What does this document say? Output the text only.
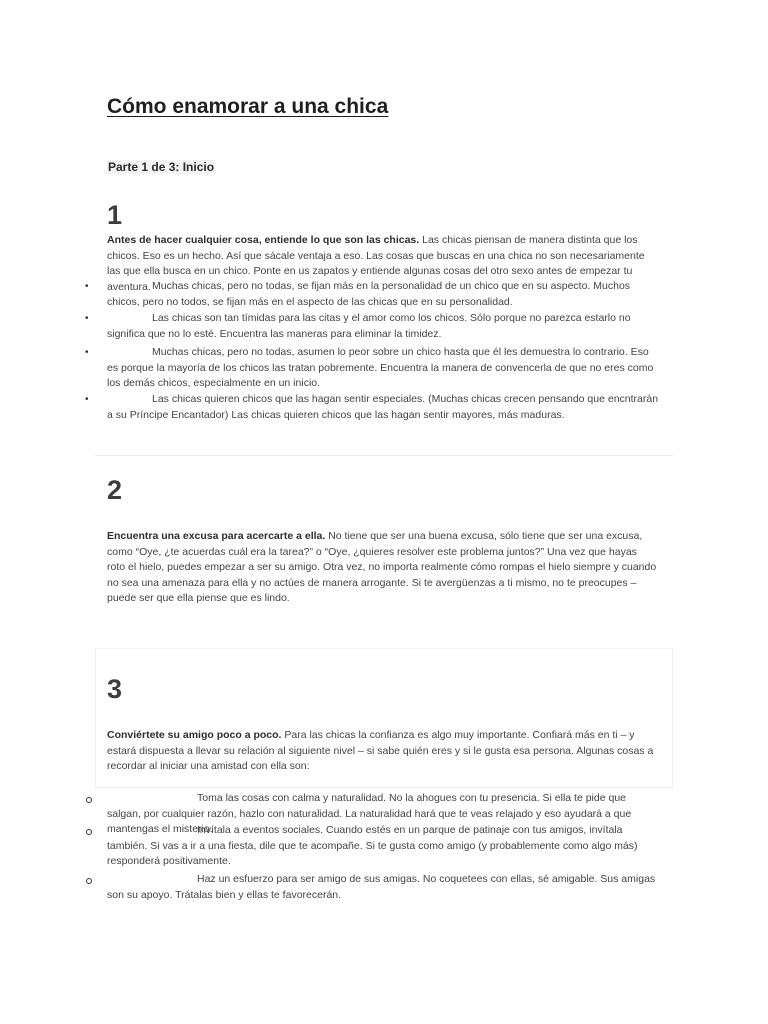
Cómo enamorar a una chica
Parte 1 de 3: Inicio
1

Antes de hacer cualquier cosa, entiende lo que son las chicas. Las chicas piensan de manera distinta que los chicos. Eso es un hecho. Así que sácale ventaja a eso. Las cosas que buscas en una chica no son necesariamente las que ella busca en un chico. Ponte en us zapatos y entiende algunas cosas del otro sexo antes de empezar tu aventura.

•	Muchas chicas, pero no todas, se fijan más en la personalidad de un chico que en su aspecto. Muchos chicos, pero no todos, se fijan más en el aspecto de las chicas que en su personalidad.

•	Las chicas son tan tímidas para las citas y el amor como los chicos. Sólo porque no parezca estarlo no significa que no lo esté. Encuentra las maneras para eliminar la timidez.

•	Muchas chicas, pero no todas, asumen lo peor sobre un chico hasta que él les demuestra lo contrario. Eso es porque la mayoría de los chicos las tratan pobremente. Encuentra la manera de convencerla de que no eres como los demás chicos, especialmente en un inicio.

•	Las chicas quieren chicos que las hagan sentir especiales. (Muchas chicas crecen pensando que encntrarán a su Príncipe Encantador) Las chicas quieren chicos que las hagan sentir mayores, más maduras.

2

Encuentra una excusa para acercarte a ella. No tiene que ser una buena excusa, sólo tiene que ser una excusa, como “Oye, ¿te acuerdas cuál era la tarea?” o “Oye, ¿quieres resolver este problema juntos?” Una vez que hayas roto el hielo, puedes empezar a ser su amigo. Otra vez, no importa realmente cómo rompas el hielo siempre y cuando no sea una amenaza para ella y no actúes de manera arrogante. Si te avergüenzas a ti mismo, no te preocupes – puede ser que ella piense que es lindo.

3

Conviértete su amigo poco a poco. Para las chicas la confianza es algo muy importante. Confiará más en ti – y estará dispuesta a llevar su relación al siguiente nivel – si sabe quién eres y si le gusta esa persona. Algunas cosas a recordar al iniciar una amistad con ella son:

Toma las cosas con calma y naturalidad. No la ahogues con tu presencia. Si ella te pide que salgan, por cualquier razón, hazlo con naturalidad. La naturalidad hará que te veas relajado y eso ayudará a que mantengas el misterio.

Invítala a eventos sociales. Cuando estés en un parque de patinaje con tus amigos, invítala también. Si vas a ir a una fiesta, dile que te acompañe. Si te gusta como amigo (y probablemente como algo más) responderá positivamente.

Haz un esfuerzo para ser amigo de sus amigas. No coquetees con ellas, sé amigable. Sus amigas son su apoyo. Trátalas bien y ellas te favorecerán.
